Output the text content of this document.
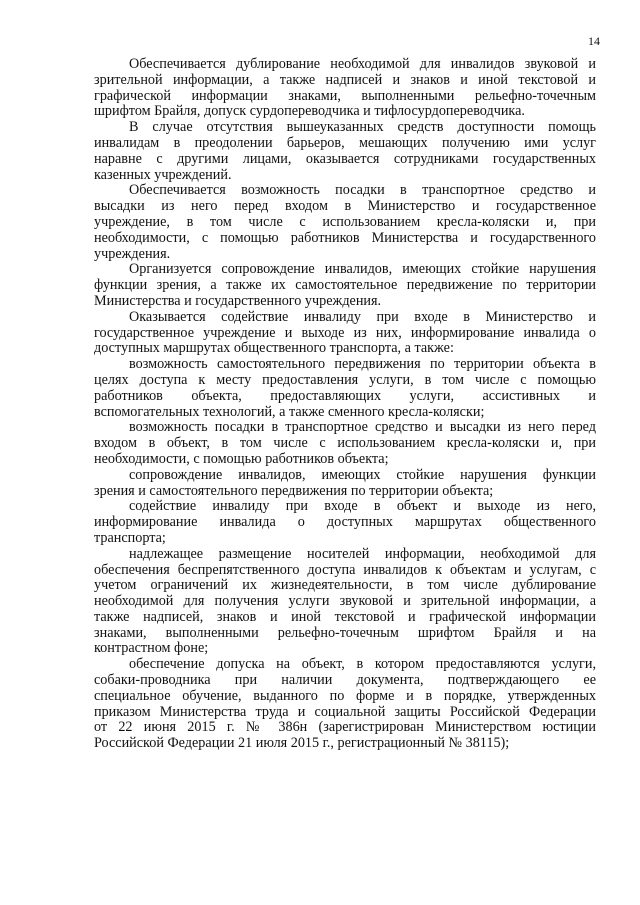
14
Обеспечивается дублирование необходимой для инвалидов звуковой и
зрительной информации, а также надписей и знаков и иной текстовой и
графической информации знаками, выполненными рельефно-точечным
шрифтом Брайля, допуск сурдопереводчика и тифлосурдопереводчика.
В случае отсутствия вышеуказанных средств доступности помощь
инвалидам в преодолении барьеров, мешающих получению ими услуг
наравне с другими лицами, оказывается сотрудниками государственных
казенных учреждений.
Обеспечивается возможность посадки в транспортное средство и
высадки из него перед входом в Министерство и государственное
учреждение, в том числе с использованием кресла-коляски и, при
необходимости, с помощью работников Министерства и государственного
учреждения.
Организуется сопровождение инвалидов, имеющих стойкие нарушения
функции зрения, а также их самостоятельное передвижение по территории
Министерства и государственного учреждения.
Оказывается содействие инвалиду при входе в Министерство и
государственное учреждение и выходе из них, информирование инвалида о
доступных маршрутах общественного транспорта, а также:
возможность самостоятельного передвижения по территории объекта в
целях доступа к месту предоставления услуги, в том числе с помощью
работников объекта, предоставляющих услуги, ассистивных и
вспомогательных технологий, а также сменного кресла-коляски;
возможность посадки в транспортное средство и высадки из него перед
входом в объект, в том числе с использованием кресла-коляски и, при
необходимости, с помощью работников объекта;
сопровождение инвалидов, имеющих стойкие нарушения функции
зрения и самостоятельного передвижения по территории объекта;
содействие инвалиду при входе в объект и выходе из него,
информирование инвалида о доступных маршрутах общественного
транспорта;
надлежащее размещение носителей информации, необходимой для
обеспечения беспрепятственного доступа инвалидов к объектам и услугам, с
учетом ограничений их жизнедеятельности, в том числе дублирование
необходимой для получения услуги звуковой и зрительной информации, а
также надписей, знаков и иной текстовой и графической информации
знаками, выполненными рельефно-точечным шрифтом Брайля и на
контрастном фоне;
обеспечение допуска на объект, в котором предоставляются услуги,
собаки-проводника при наличии документа, подтверждающего ее
специальное обучение, выданного по форме и в порядке, утвержденных
приказом Министерства труда и социальной защиты Российской Федерации
от 22 июня 2015 г. № 386н (зарегистрирован Министерством юстиции
Российской Федерации 21 июля 2015 г., регистрационный № 38115);
